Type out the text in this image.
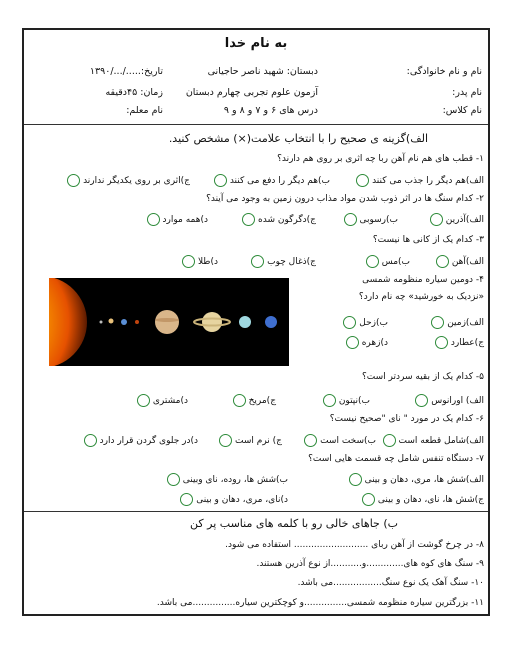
به نام خدا
نام و نام خانوادگی:
دبستان: شهید ناصر حاجیانی
تاریخ:...../.../۱۳۹۰
نام پدر:
آزمون علوم تجربی چهارم دبستان
زمان: ۴۵دقیقه
نام کلاس:
درس های ۶ و ۷ و ۸ و ۹
نام معلم:
الف)گزینه ی صحیح را با انتخاب علامت(×) مشخص کنید.
۱- قطب های هم نام آهن ربا چه اثری بر روی هم دارند؟
الف)هم دیگر را جذب می کنند
ب)هم دیگر را دفع می کنند
ج)اثری بر روی یکدیگر ندارند
۲- کدام سنگ ها در اثر ذوب شدن مواد مذاب درون زمین به وجود می آیند؟
الف)آذرین
ب)رسوبی
ج)دگرگون شده
د)همه موارد
۳- کدام یک از کانی ها نیست؟
الف)آهن
ب)مس
ج)ذغال چوب
د)طلا
۴- دومین سیاره منظومه شمسی
«نزدیک به خورشید» چه نام دارد؟
الف)زمین
ب)زحل
ج)عطارد
د)زهره
۵- کدام یک از بقیه سردتر است؟
الف) اورانوس
ب)نپتون
ج)مریخ
د)مشتری
۶- کدام یک در مورد " نای "صحیح نیست؟
الف)شامل قطعه است
ب)سخت است
ج) نرم است
د)در جلوی گردن قرار دارد
۷- دستگاه تنفس شامل چه قسمت هایی است؟
الف)شش ها، مری، دهان و بینی
ب)شش ها، روده، نای وبینی
ج)شش ها، نای، دهان و بینی
د)نای، مری، دهان و بینی
ب) جاهای خالی رو با کلمه های مناسب پر کن
۸- در چرخ گوشت از آهن ربای .......................... استفاده می شود.
۹- سنگ های کوه های.............و...........از نوع آذرین هستند.
۱۰- سنگ آهک یک نوع سنگ.................می باشد.
۱۱- بزرگترین سیاره منظومه شمسی...............و کوچکترین سیاره...............می باشد.
